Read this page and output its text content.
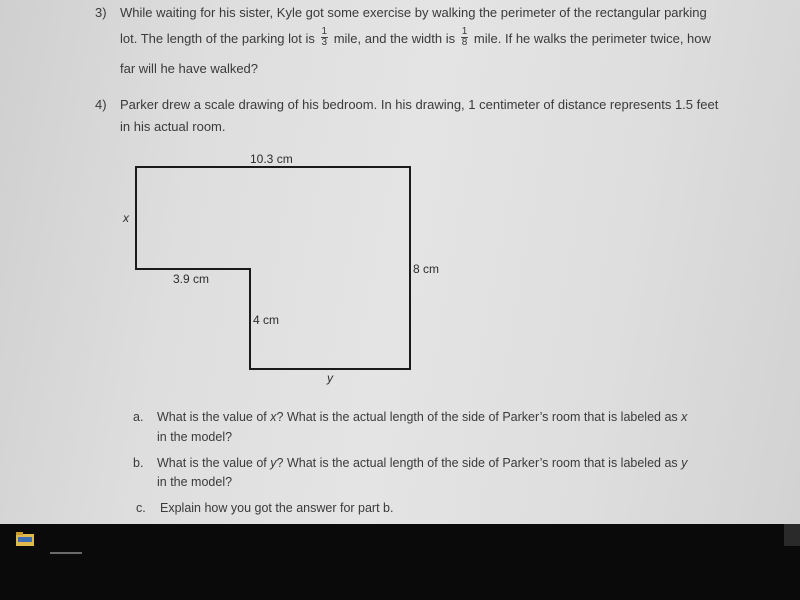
3) While waiting for his sister, Kyle got some exercise by walking the perimeter of the rectangular parking
lot. The length of the parking lot is $\frac{1}{3}$ mile, and the width is $\frac{1}{8}$ mile. If he walks the perimeter twice, how
far will he have walked?
4) Parker drew a scale drawing of his bedroom. In his drawing, 1 centimeter of distance represents 1.5 feet
in his actual room.
10.3 cm
x
8 cm
3.9 cm
4 cm
y
a. What is the value of x? What is the actual length of the side of Parker’s room that is labeled as x
in the model?
b. What is the value of y? What is the actual length of the side of Parker’s room that is labeled as y
in the model?
c. Explain how you got the answer for part b.
